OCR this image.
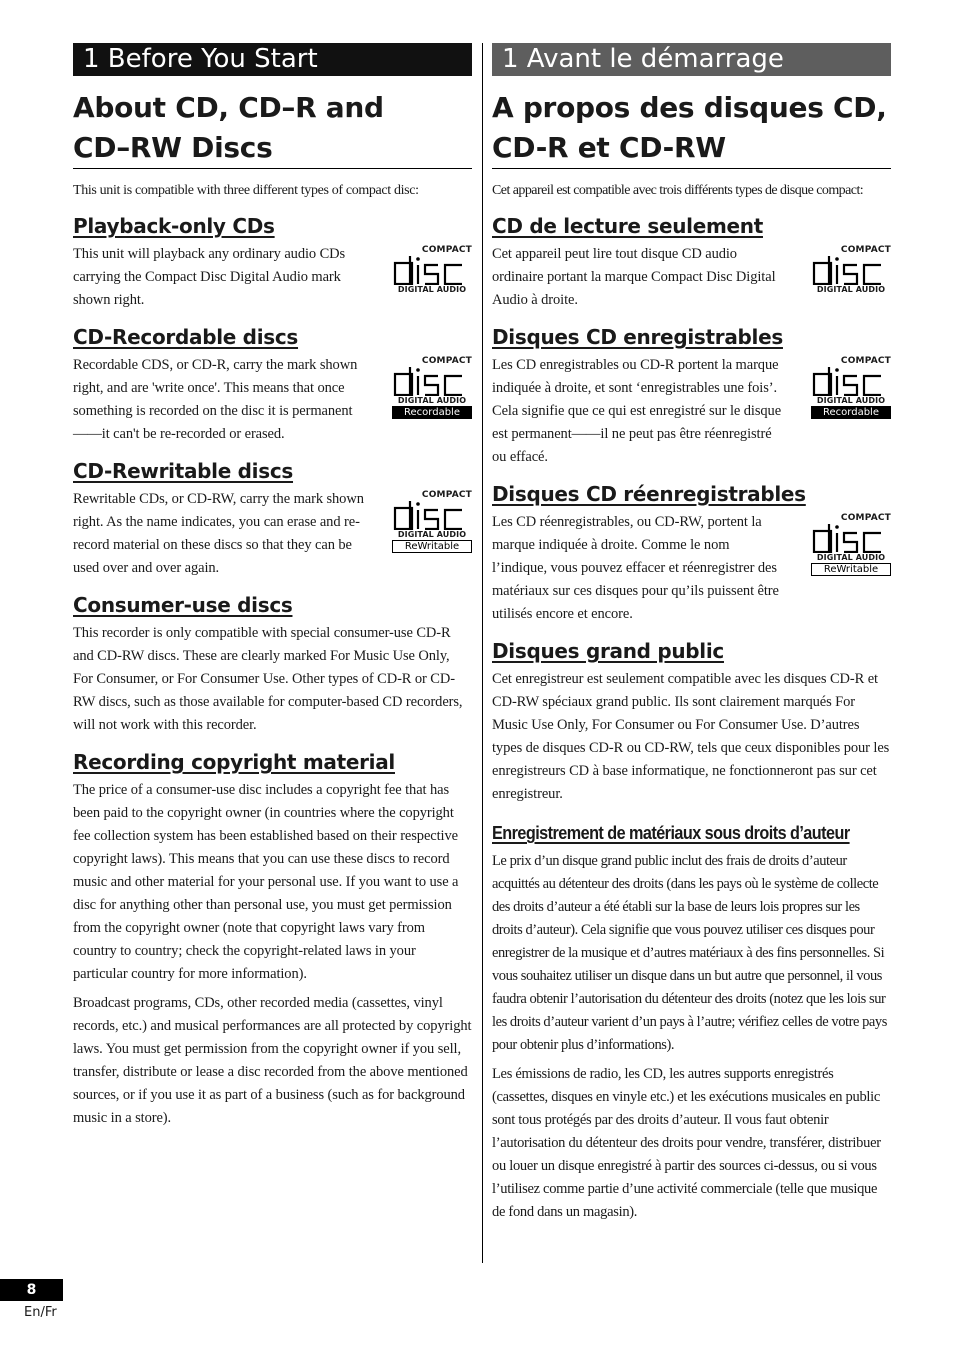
1 Before You Start
About CD, CD–R and
CD–RW Discs
This unit is compatible with three different types of compact disc:
Playback-only CDs

This unit will playback any ordinary audio CDs carrying the Compact Disc Digital Audio mark shown right.

COMPACT
DIGITAL AUDIO
CD-Recordable discs

Recordable CDS, or CD-R, carry the mark shown right, and are 'write once'. This means that once something is recorded on the disc it is permanent——it can't be re-recorded or erased.

COMPACT
DIGITAL AUDIO
Recordable
CD-Rewritable discs

Rewritable CDs, or CD-RW, carry the mark shown right. As the name indicates, you can erase and re-record material on these discs so that they can be used over and over again.

COMPACT
DIGITAL AUDIO
ReWritable
Consumer-use discs

This recorder is only compatible with special consumer-use CD-R and CD-RW discs. These are clearly marked For Music Use Only, For Consumer, or For Consumer Use. Other types of CD-R or CD-RW discs, such as those available for computer-based CD recorders, will not work with this recorder.

Recording copyright material

The price of a consumer-use disc includes a copyright fee that has been paid to the copyright owner (in countries where the copyright fee collection system has been established based on their respective copyright laws). This means that you can use these discs to record music and other material for your personal use. If you want to use a disc for anything other than personal use, you must get permission from the copyright owner (note that copyright laws vary from country to country; check the copyright-related laws in your particular country for more information).

Broadcast programs, CDs, other recorded media (cassettes, vinyl records, etc.) and musical performances are all protected by copyright laws. You must get permission from the copyright owner if you sell, transfer, distribute or lease a disc recorded from the above mentioned sources, or if you use it as part of a business (such as for background music in a store).

1 Avant le démarrage
A propos des disques CD,
CD-R et CD-RW
Cet appareil est compatible avec trois différents types de disque compact:
CD de lecture seulement

Cet appareil peut lire tout disque CD audio ordinaire portant la marque Compact Disc Digital Audio à droite.

COMPACT
DIGITAL AUDIO
Disques CD enregistrables

Les CD enregistrables ou CD-R portent la marque indiquée à droite, et sont ‘enregistrables une fois’. Cela signifie que ce qui est enregistré sur le disque est permanent——il ne peut pas être réenregistré ou effacé.

COMPACT
DIGITAL AUDIO
Recordable
Disques CD réenregistrables

Les CD réenregistrables, ou CD-RW, portent la marque indiquée à droite. Comme le nom l’indique, vous pouvez effacer et réenregistrer des matériaux sur ces disques pour qu’ils puissent être utilisés encore et encore.

COMPACT
DIGITAL AUDIO
ReWritable
Disques grand public

Cet enregistreur est seulement compatible avec les disques CD-R et CD-RW spéciaux grand public. Ils sont clairement marqués For Music Use Only, For Consumer ou For Consumer Use. D’autres types de disques CD-R ou CD-RW, tels que ceux disponibles pour les enregistreurs CD à base informatique, ne fonctionneront pas sur cet enregistreur.

Enregistrement de matériaux sous droits d’auteur

Le prix d’un disque grand public inclut des frais de droits d’auteur acquittés au détenteur des droits (dans les pays où le système de collecte des droits d’auteur a été établi sur la base de leurs lois propres sur les droits d’auteur). Cela signifie que vous pouvez utiliser ces disques pour enregistrer de la musique et d’autres matériaux à des fins personnelles. Si vous souhaitez utiliser un disque dans un but autre que personnel, il vous faudra obtenir l’autorisation du détenteur des droits (notez que les lois sur les droits d’auteur varient d’un pays à l’autre; vérifiez celles de votre pays pour obtenir plus d’informations).

Les émissions de radio, les CD, les autres supports enregistrés (cassettes, disques en vinyle etc.) et les exécutions musicales en public sont tous protégés par des droits d’auteur. Il vous faut obtenir l’autorisation du détenteur des droits pour vendre, transférer, distribuer ou louer un disque enregistré à partir des sources ci-dessus, ou si vous l’utilisez comme partie d’une activité commerciale (telle que musique de fond dans un magasin).

8
En/Fr
